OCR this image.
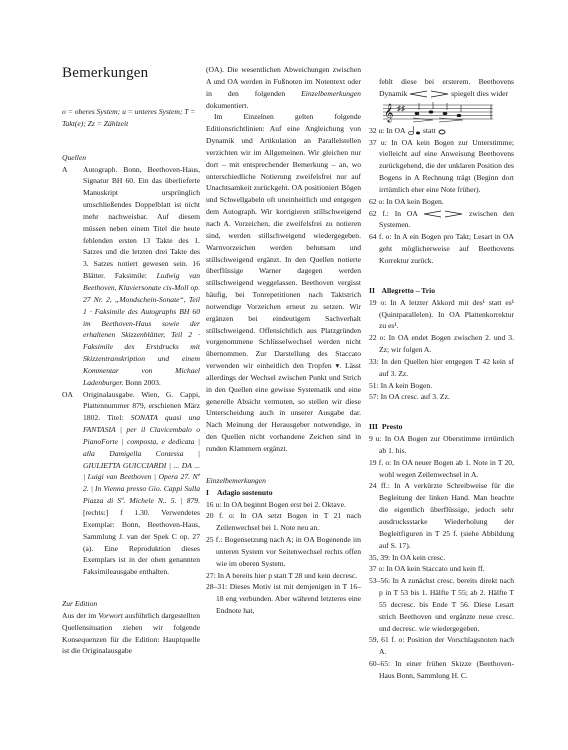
Bemerkungen

o = oberes System; u = unteres System; T = Takt(e); Zz = Zählzeit

Quellen

A	Autograph. Bonn, Beethoven-Haus, Signatur BH 60. Ein das überlieferte Manuskript ursprünglich umschließendes Doppelblatt ist nicht mehr nachweisbar. Auf diesem müssen neben einem Titel die heute fehlenden ersten 13 Takte des 1. Satzes und die letzten drei Takte des 3. Satzes notiert gewesen sein. 16 Blätter. Faksimile: Ludwig van Beethoven, Klaviersonate cis-Moll op. 27 Nr. 2, „Mondschein-Sonate“, Teil 1 · Faksimile des Autographs BH 60 im Beethoven-Haus sowie der erhaltenen Skizzenblätter, Teil 2 · Faksimile des Erstdrucks mit Skizzentranskription und einem Kommentar von Michael Ladenburger. Bonn 2003.
OA	Originalausgabe. Wien, G. Cappi, Plattennummer 879, erschienen März 1802. Titel: SONATA quasi una FANTASIA | per il Clavicembalo o PianoForte | composta, e dedicata | alla Damigella Contessa | GIULIETTA GUICCIARDI | ... DA ... | Luigi van Beethoven | Opera 27. Nº 2. | In Vienna presso Gio. Cappi Sulla Piazza di Sº. Michele N.. 5. | 879. [rechts:] f 1.30. Verwendetes Exemplar: Bonn, Beethoven-Haus, Sammlung J. van der Spek C op. 27 (a). Eine Reproduktion dieses Exemplars ist in der oben genannten Faksimileausgabe enthalten.

Zur Edition

Aus der im Vorwort ausführlich dargestellten Quellensituation ziehen wir folgende Konsequenzen für die Edition: Hauptquelle ist die Originalausgabe

(OA). Die wesentlichen Abweichungen zwischen A und OA werden in Fußnoten im Notentext oder in den folgenden Einzelbemerkungen dokumentiert.

Im Einzelnen gelten folgende Editionsrichtlinien: Auf eine Angleichung von Dynamik und Artikulation an Parallelstellen verzichten wir im Allgemeinen. Wir gleichen nur dort – mit entsprechender Bemerkung – an, wo unterschiedliche Notierung zweifelsfrei nur auf Unachtsamkeit zurückgeht. OA positioniert Bögen und Schwellgabeln oft uneinheitlich und entgegen dem Autograph. Wir korrigieren stillschweigend nach A. Vorzeichen, die zweifelsfrei zu notieren sind, werden stillschweigend wiedergegeben. Warnvorzeichen werden behutsam und stillschweigend ergänzt. In den Quellen notierte überflüssige Warner dagegen werden stillschweigend weggelassen. Beethoven vergisst häufig, bei Tonrepetitionen nach Taktstrich notwendige Vorzeichen erneut zu setzen. Wir ergänzen bei eindeutigem Sachverhalt stillschweigend. Offensichtlich aus Platzgründen vorgenommene Schlüsselwechsel werden nicht übernommen. Zur Darstellung des Staccato verwenden wir einheitlich den Tropfen ▾. Lässt allerdings der Wechsel zwischen Punkt und Strich in den Quellen eine gewisse Systematik und eine generelle Absicht vermuten, so stellen wir diese Unterscheidung auch in unserer Ausgabe dar. Nach Meinung der Herausgeber notwendige, in den Quellen nicht vorhandene Zeichen sind in runden Klammern ergänzt.

Einzelbemerkungen

I Adagio sostenuto

16 u: In OA beginnt Bogen erst bei 2. Oktave.

20 f. o: In OA setzt Bogen in T 21 nach Zeilenwechsel bei 1. Note neu an.

25 f.: Bogensetzung nach A; in OA Bogenende im unteren System vor Seitenwechsel rechts offen wie im oberen System.

27: In A bereits hier p statt T 28 und kein decresc.

28–31: Dieses Motiv ist mit demjenigen in T 16–18 eng verbunden. Aber während letzteres eine Endnote hat,

fehlt diese bei ersterem. Beethovens Dynamik	spiegelt dies wider

𝄞 ♯♯

32 u: In OA statt

37 u: In OA kein Bogen zur Unterstimme; vielleicht auf eine Anweisung Beethovens zurückgehend, die der unklaren Position des Bogens in A Rechnung trägt (Beginn dort irrtümlich eher eine Note früher).

62 o: In OA kein Bogen.

62 f.: In OA	zwischen den Systemen.

64 f. o: In A ein Bogen pro Takt; Lesart in OA geht möglicherweise auf Beethovens Korrektur zurück.

II Allegretto – Trio

19 o: In A letzter Akkord mit des¹ statt es¹ (Quintparallelen). In OA Plattenkorrektur zu es¹.

22 o: In OA endet Bogen zwischen 2. und 3. Zz; wir folgen A.

33: In den Quellen hier entgegen T 42 kein sf auf 3. Zz.

51: In A kein Bogen.

57: In OA cresc. auf 3. Zz.

III Presto

9 u: In OA Bogen zur Oberstimme irrtümlich ab 1. his.

19 f. o: In OA neuer Bogen ab 1. Note in T 20, wohl wegen Zeilenwechsel in A.

24 ff.: In A verkürzte Schreibweise für die Begleitung der linken Hand. Man beachte die eigentlich überflüssige, jedoch sehr ausdrucksstarke Wiederholung der Begleitfiguren in T 25 f. (siehe Abbildung auf S. 17).

35, 39: In OA kein cresc.

37 o: In OA kein Staccato und kein ff.

53–56: In A zunächst cresc. bereits direkt nach p in T 53 bis 1. Hälfte T 55; ab 2. Hälfte T 55 decresc. bis Ende T 56. Diese Lesart strich Beethoven und ergänzte neue cresc. und decresc. wie wiedergegeben.

59, 61 f. o: Position der Vorschlagsnoten nach A.

60–65: In einer frühen Skizze (Beethoven-Haus Bonn, Sammlung H. C.
